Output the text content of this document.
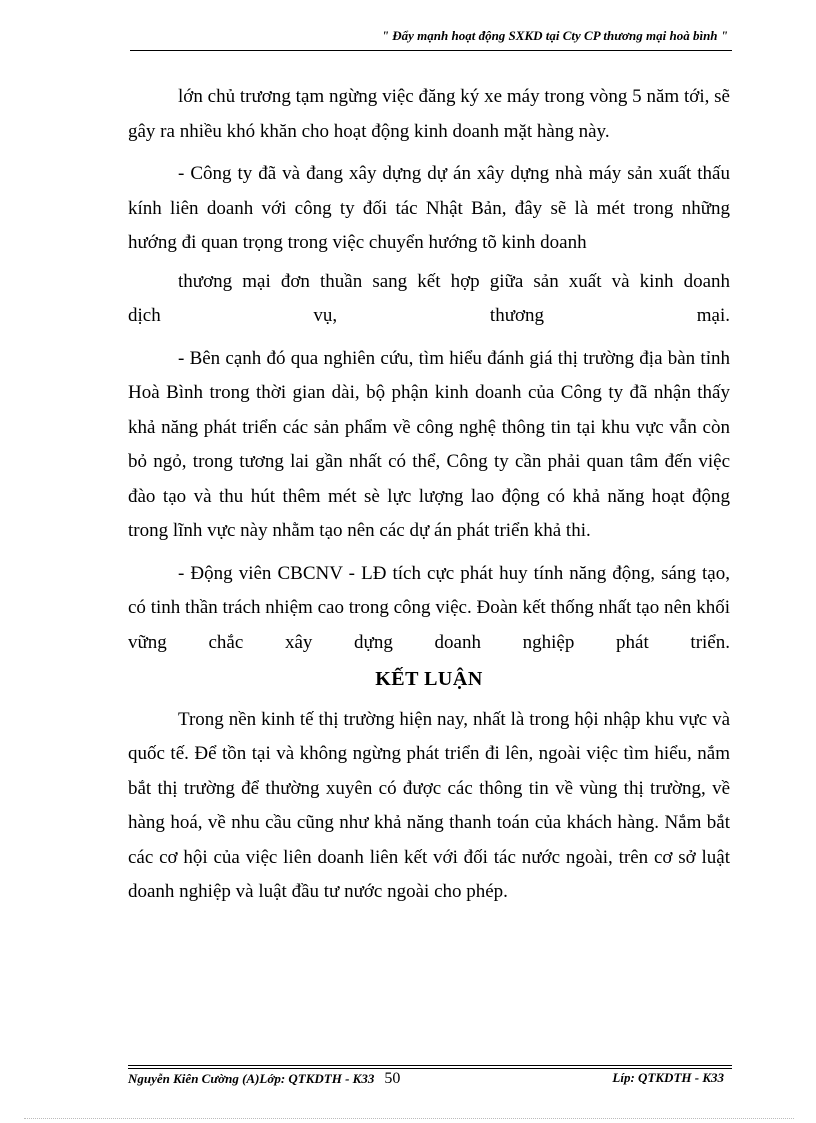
" Đẩy mạnh hoạt động SXKD tại Cty CP thương mại hoà bình "

lớn chủ trương tạm ngừng việc đăng ký xe máy trong vòng 5 năm tới, sẽ gây ra nhiều khó khăn cho hoạt động kinh doanh mặt hàng này.

- Công ty đã và đang xây dựng dự án xây dựng nhà máy sản xuất thấu kính liên doanh với công ty đối tác Nhật Bản, đây sẽ là mét trong những hướng đi quan trọng trong việc chuyển hướng tõ kinh doanh

thương mại đơn thuần sang kết hợp giữa sản xuất và kinh doanh

dịch vụ, thương mại.

- Bên cạnh đó qua nghiên cứu, tìm hiểu đánh giá thị trường địa bàn tỉnh Hoà Bình trong thời gian dài, bộ phận kinh doanh của Công ty đã nhận thấy khả năng phát triển các sản phẩm về công nghệ thông tin tại khu vực vẫn còn bỏ ngỏ, trong tương lai gần nhất có thể, Công ty cần phải quan tâm đến việc đào tạo và thu hút thêm mét sè lực lượng lao động có khả năng hoạt động trong lĩnh vực này nhằm tạo nên các dự án phát triển khả thi.

- Động viên CBCNV - LĐ tích cực phát huy tính năng động, sáng tạo, có tinh thần trách nhiệm cao trong công việc. Đoàn kết thống nhất tạo nên khối vững chắc xây dựng doanh nghiệp phát triển.

KẾT LUẬN

Trong nền kinh tế thị trường hiện nay, nhất là trong hội nhập khu vực và quốc tế. Để tồn tại và không ngừng phát triển đi lên, ngoài việc tìm hiểu, nắm bắt thị trường để thường xuyên có được các thông tin về vùng thị trường, về hàng hoá, về nhu cầu cũng như khả năng thanh toán của khách hàng. Nắm bắt các cơ hội của việc liên doanh liên kết với đối tác nước ngoài, trên cơ sở luật doanh nghiệp và luật đầu tư nước ngoài cho phép.

Nguyễn Kiên Cường (A)Lớp: QTKDTH - K33 50	Líp: QTKDTH - K33
